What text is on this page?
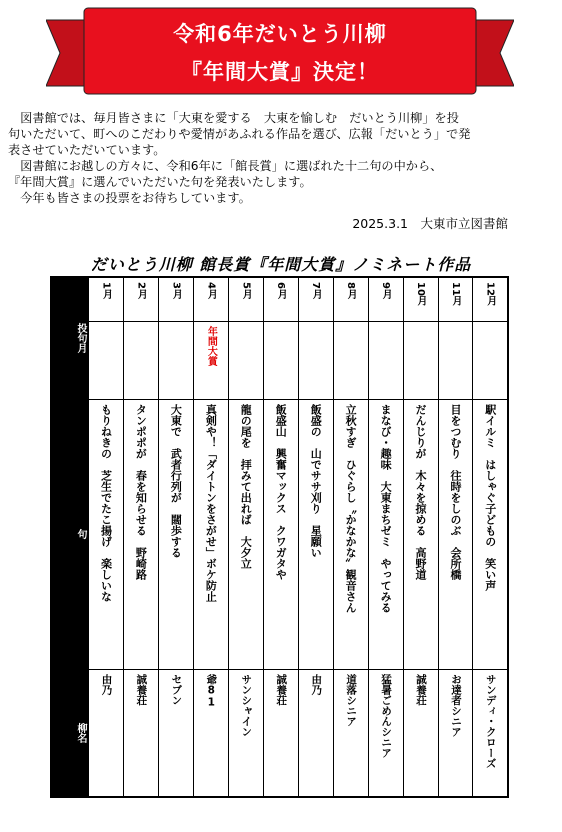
令和6年だいとう川柳
『年間大賞』決定！

　図書館では、毎月皆さまに「大東を愛する　大東を愉しむ　だいとう川柳」を投

句いただいて、町へのこだわりや愛情があふれる作品を選び、広報「だいとう」で発

表させていただいています。

　図書館にお越しの方々に、令和6年に「館長賞」に選ばれた十二句の中から、

『年間大賞』に選んでいただいた句を発表いたします。

　今年も皆さまの投票をお待ちしています。

2025.3.1　大東市立図書館
だいとう川柳 館長賞『年間大賞』ノミネート作品
投句月	1月	2月	3月	4月	5月	6月	7月	8月	9月	10月	11月	12月

				年間大賞								

句	もりねきの　芝生でたこ揚げ　楽しいな	タンポポが　春を知らせる　野崎路	大東で　武者行列が　闊歩する	真剣や！「ダイトンをさがせ」ボケ防止	龍の尾を　拝みて出れば　大夕立	飯盛山　興奮マックス　クワガタや	飯盛の　山でササ刈り　星願い	立秋すぎ　ひぐらし〝かなかな〟観音さん	まなび・趣味　大東まちゼミ　やってみる	だんじりが　木々を掠める　高野道	目をつむり　往時をしのぶ　会所橋	駅イルミ　はしゃぐ子どもの　笑い声

柳名	由乃	誠養荘	セブン	爺81	サンシャイン	誠養荘	由乃	道落シニア	猛暑ごめんシニア	誠養荘	お達者シニア	サンディ・クローズ
